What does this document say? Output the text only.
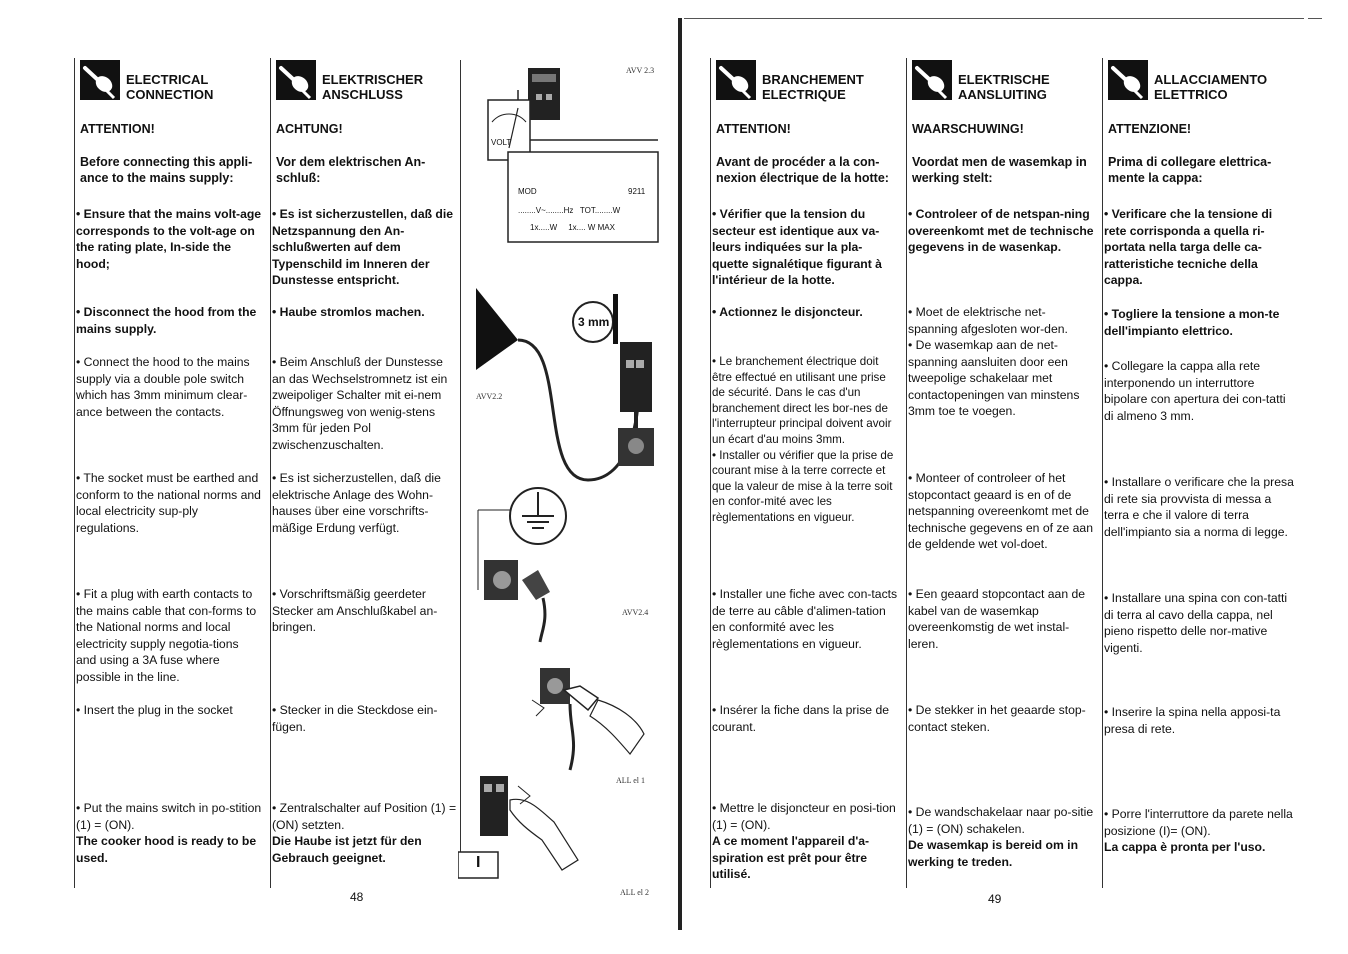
ELECTRICAL
CONNECTION
ATTENTION!
Before connecting this appli-ance to the mains supply:
• Ensure that the mains volt-age corresponds to the volt-age on the rating plate, In-side the hood;
• Disconnect the hood from the mains supply.
• Connect the hood to the mains supply via a double pole switch which has 3mm minimum clear-ance between the contacts.
• The socket must be earthed and conform to the national norms and local electricity sup-ply regulations.
• Fit a plug with earth contacts to the mains cable that con-forms to the National norms and local electricity supply negotia-tions and using a 3A fuse where possible in the line.
• Insert the plug in the socket
• Put the mains switch in po-stition (1) = (ON).
The cooker hood is ready to be used.
ELEKTRISCHER
ANSCHLUSS
ACHTUNG!
Vor dem elektrischen An-schluß:
• Es ist sicherzustellen, daß die Netzspannung den An-schlußwerten auf dem Typenschild im Inneren der Dunstesse entspricht.
• Haube stromlos machen.
• Beim Anschluß der Dunstesse an das Wechselstromnetz ist ein zweipoliger Schalter mit ei-nem Öffnungsweg von wenig-stens 3mm für jeden Pol zwischenzuschalten.
• Es ist sicherzustellen, daß die elektrische Anlage des Wohn-hauses über eine vorschrifts-mäßige Erdung verfügt.
• Vorschriftsmäßig geerdeter Stecker am Anschlußkabel an-bringen.
• Stecker in die Steckdose ein-fügen.
• Zentralschalter auf Position (1) = (ON) setzten.
Die Haube ist jetzt für den Gebrauch geeignet.
48
VOLT
MOD	9211
........V~........Hz   TOT........W
1x.....W     1x.... W MAX
AVV 2.3
3 mm
AVV2.2
AVV2.4
ALL el 1
I
ALL el 2
BRANCHEMENT
ELECTRIQUE
ATTENTION!
Avant de procéder a la con-nexion électrique de la hotte:
• Vérifier que la tension du secteur est identique aux va-leurs indiquées sur la pla-quette signalétique figurant à l'intérieur de la hotte.
• Actionnez le disjoncteur.
• Le branchement électrique doit être effectué en utilisant une prise de sécurité. Dans le cas d'un branchement direct les bor-nes de l'interrupteur principal doivent avoir un écart d'au moins 3mm.
• Installer ou vérifier que la prise de courant mise à la terre correcte et que la valeur de mise à la terre soit en confor-mité avec les règlementations en vigueur.
• Installer une fiche avec con-tacts de terre au câble d'alimen-tation en conformité avec les règlementations en vigueur.
• Insérer la fiche dans la prise de courant.
• Mettre le disjoncteur en posi-tion (1) = (ON).
A ce moment l'appareil d'a-spiration est prêt pour être utilisé.
ELEKTRISCHE
AANSLUITING
WAARSCHUWING!
Voordat men de wasemkap in werking stelt:
• Controleer of de netspan-ning overeenkomt met de technische gegevens in de wasenkap.
• Moet de elektrische net-spanning afgesloten wor-den.
• De wasemkap aan de net-spanning aansluiten door een tweepolige schakelaar met contactopeningen van minstens 3mm toe te voegen.
• Monteer of controleer of het stopcontact geaard is en of de netspanning overeenkomt met de technische gegevens en of ze aan de geldende wet vol-doet.
• Een geaard stopcontact aan de kabel van de wasemkap overeenkomstig de wet instal-leren.
• De stekker in het geaarde stop-contact steken.
• De wandschakelaar naar po-sitie (1) = (ON) schakelen.
De wasemkap is bereid om in werking te treden.
ALLACCIAMENTO
ELETTRICO
ATTENZIONE!
Prima di collegare elettrica-mente la cappa:
• Verificare che la tensione di rete corrisponda a quella ri-portata nella targa delle ca-ratteristiche tecniche della cappa.
• Togliere la tensione a mon-te dell'impianto elettrico.
• Collegare la cappa alla rete interponendo un interruttore bipolare con apertura dei con-tatti di almeno 3 mm.
• Installare o verificare che la presa di rete sia provvista di messa a terra e che il valore di terra dell'impianto sia a norma di legge.
• Installare una spina con con-tatti di terra al cavo della cappa, nel pieno rispetto delle nor-mative vigenti.
• Inserire la spina nella apposi-ta presa di rete.
• Porre l'interruttore da parete nella posizione (I)= (ON).
La cappa è pronta per l'uso.
49
